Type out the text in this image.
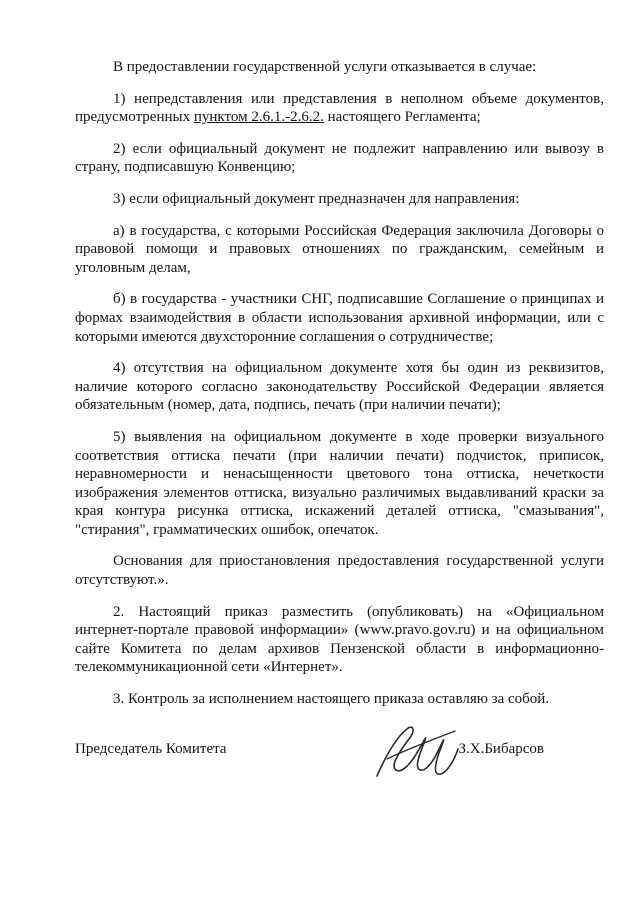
В предоставлении государственной услуги отказывается в случае:

1) непредставления или представления в неполном объеме документов, предусмотренных пунктом 2.6.1.-2.6.2. настоящего Регламента;

2) если официальный документ не подлежит направлению или вывозу в страну, подписавшую Конвенцию;

3) если официальный документ предназначен для направления:

а) в государства, с которыми Российская Федерация заключила Договоры о правовой помощи и правовых отношениях по гражданским, семейным и уголовным делам,

б) в государства - участники СНГ, подписавшие Соглашение о принципах и формах взаимодействия в области использования архивной информации, или с которыми имеются двухсторонние соглашения о сотрудничестве;

4) отсутствия на официальном документе хотя бы один из реквизитов, наличие которого согласно законодательству Российской Федерации является обязательным (номер, дата, подпись, печать (при наличии печати);

5) выявления на официальном документе в ходе проверки визуального соответствия оттиска печати (при наличии печати) подчисток, приписок, неравномерности и ненасыщенности цветового тона оттиска, нечеткости изображения элементов оттиска, визуально различимых выдавливаний краски за края контура рисунка оттиска, искажений деталей оттиска, "смазывания", "стирания", грамматических ошибок, опечаток.

Основания для приостановления предоставления государственной услуги отсутствуют.».

2. Настоящий приказ разместить (опубликовать) на «Официальном интернет-портале правовой информации» (www.pravo.gov.ru) и на официальном сайте Комитета по делам архивов Пензенской области в информационно-телекоммуникационной сети «Интернет».

3. Контроль за исполнением настоящего приказа оставляю за собой.

Председатель Комитета	З.Х.Бибарсов
